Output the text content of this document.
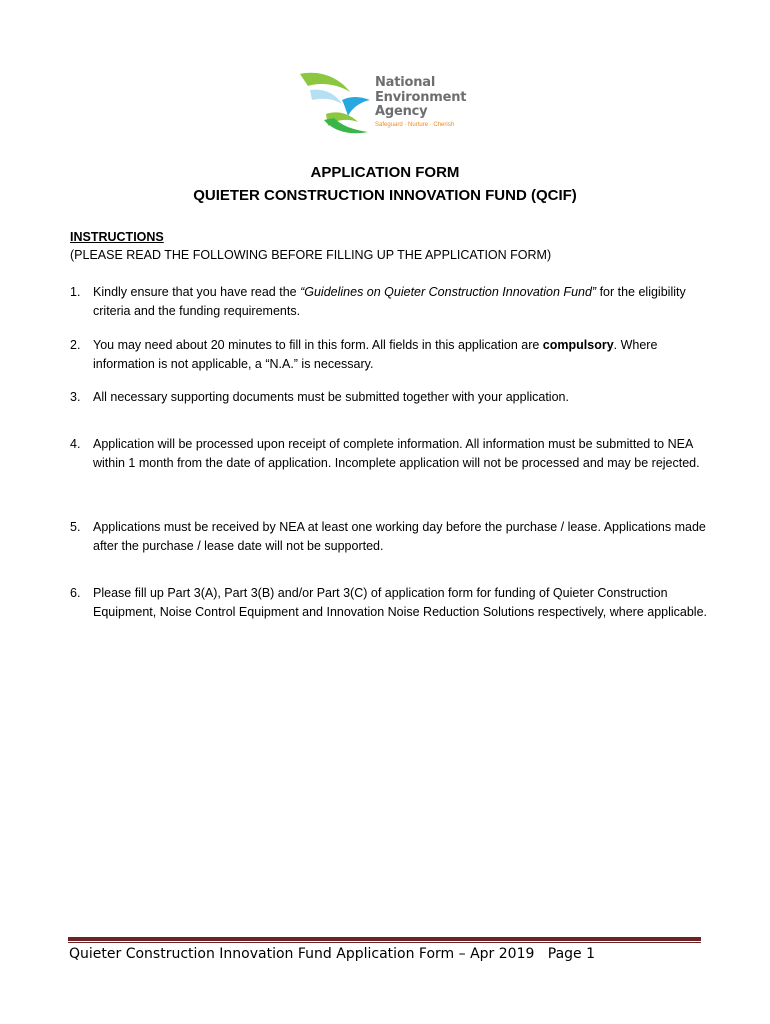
National
Environment
Agency
Safeguard · Nurture · Cherish
APPLICATION FORM
QUIETER CONSTRUCTION INNOVATION FUND (QCIF)
INSTRUCTIONS
(PLEASE READ THE FOLLOWING BEFORE FILLING UP THE APPLICATION FORM)
1. Kindly ensure that you have read the “Guidelines on Quieter Construction Innovation Fund” for the eligibility criteria and the funding requirements.
2. You may need about 20 minutes to fill in this form. All fields in this application are compulsory. Where information is not applicable, a “N.A.” is necessary.
3. All necessary supporting documents must be submitted together with your application.
4. Application will be processed upon receipt of complete information. All information must be submitted to NEA within 1 month from the date of application. Incomplete application will not be processed and may be rejected.
5. Applications must be received by NEA at least one working day before the purchase / lease. Applications made after the purchase / lease date will not be supported.
6. Please fill up Part 3(A), Part 3(B) and/or Part 3(C) of application form for funding of Quieter Construction Equipment, Noise Control Equipment and Innovation Noise Reduction Solutions respectively, where applicable.
Quieter Construction Innovation Fund Application Form – Apr 2019 Page 1
